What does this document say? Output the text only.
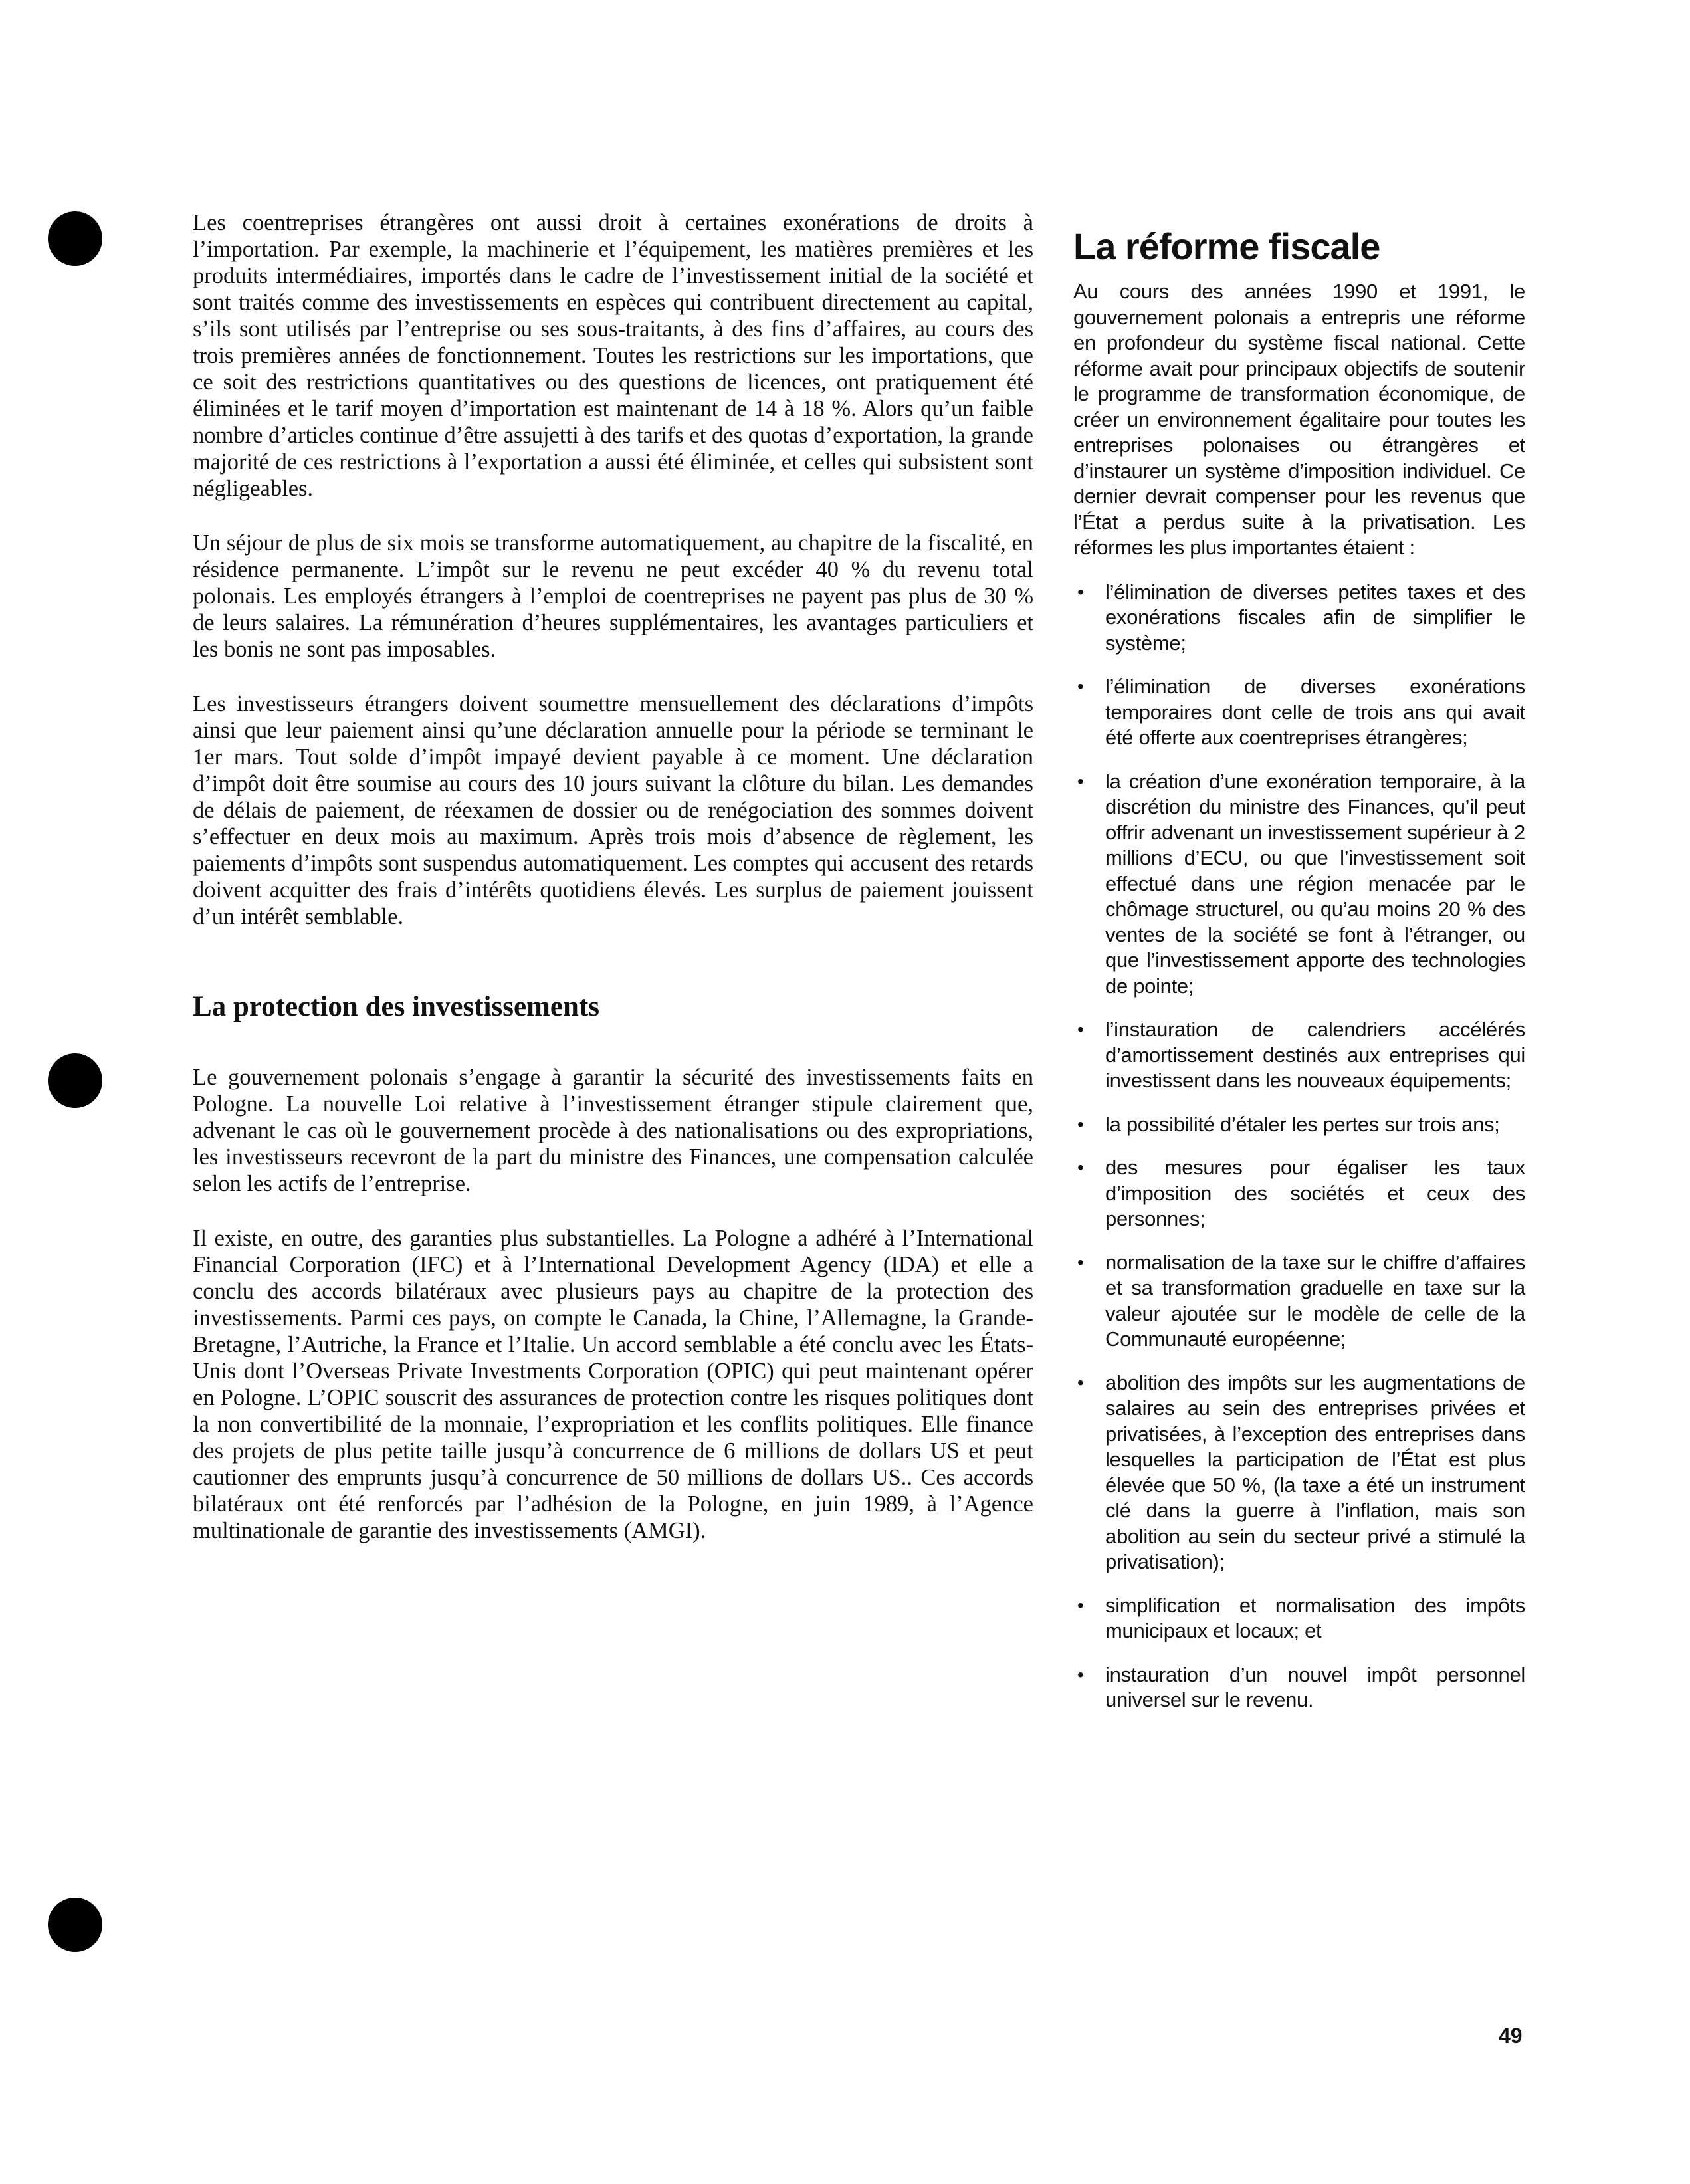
Les coentreprises étrangères ont aussi droit à certaines exonérations de droits à l’importation. Par exemple, la machinerie et l’équipement, les matières premières et les produits intermédiaires, importés dans le cadre de l’investissement initial de la société et sont traités comme des investissements en espèces qui contribuent directement au capital, s’ils sont utilisés par l’entreprise ou ses sous-traitants, à des fins d’affaires, au cours des trois premières années de fonctionnement. Toutes les restrictions sur les importations, que ce soit des restrictions quantitatives ou des questions de licences, ont pratiquement été éliminées et le tarif moyen d’importation est maintenant de 14 à 18 %. Alors qu’un faible nombre d’articles continue d’être assujetti à des tarifs et des quotas d’exportation, la grande majorité de ces restrictions à l’exportation a aussi été éliminée, et celles qui subsistent sont négligeables.

Un séjour de plus de six mois se transforme automatiquement, au chapitre de la fiscalité, en résidence permanente. L’impôt sur le revenu ne peut excéder 40 % du revenu total polonais. Les employés étrangers à l’emploi de coentreprises ne payent pas plus de 30 % de leurs salaires. La rémunération d’heures supplémentaires, les avantages particuliers et les bonis ne sont pas imposables.

Les investisseurs étrangers doivent soumettre mensuellement des déclarations d’impôts ainsi que leur paiement ainsi qu’une déclaration annuelle pour la période se terminant le 1er mars. Tout solde d’impôt impayé devient payable à ce moment. Une déclaration d’impôt doit être soumise au cours des 10 jours suivant la clôture du bilan. Les demandes de délais de paiement, de réexamen de dossier ou de renégociation des sommes doivent s’effectuer en deux mois au maximum. Après trois mois d’absence de règlement, les paiements d’impôts sont suspendus automatiquement. Les comptes qui accusent des retards doivent acquitter des frais d’intérêts quotidiens élevés. Les surplus de paiement jouissent d’un intérêt semblable.

La protection des investissements

Le gouvernement polonais s’engage à garantir la sécurité des investissements faits en Pologne. La nouvelle Loi relative à l’investissement étranger stipule clairement que, advenant le cas où le gouvernement procède à des nationalisations ou des expropriations, les investisseurs recevront de la part du ministre des Finances, une compensation calculée selon les actifs de l’entreprise.

Il existe, en outre, des garanties plus substantielles. La Pologne a adhéré à l’International Financial Corporation (IFC) et à l’International Development Agency (IDA) et elle a conclu des accords bilatéraux avec plusieurs pays au chapitre de la protection des investissements. Parmi ces pays, on compte le Canada, la Chine, l’Allemagne, la Grande-Bretagne, l’Autriche, la France et l’Italie. Un accord semblable a été conclu avec les États-Unis dont l’Overseas Private Investments Corporation (OPIC) qui peut maintenant opérer en Pologne. L’OPIC souscrit des assurances de protection contre les risques politiques dont la non convertibilité de la monnaie, l’expropriation et les conflits politiques. Elle finance des projets de plus petite taille jusqu’à concurrence de 6 millions de dollars US et peut cautionner des emprunts jusqu’à concurrence de 50 millions de dollars US.. Ces accords bilatéraux ont été renforcés par l’adhésion de la Pologne, en juin 1989, à l’Agence multinationale de garantie des investissements (AMGI).

La réforme fiscale

Au cours des années 1990 et 1991, le gouvernement polonais a entrepris une réforme en profondeur du système fiscal national. Cette réforme avait pour principaux objectifs de soutenir le programme de transformation économique, de créer un environnement égalitaire pour toutes les entreprises polonaises ou étrangères et d’instaurer un système d’imposition individuel. Ce dernier devrait compenser pour les revenus que l’État a perdus suite à la privatisation. Les réformes les plus importantes étaient :

• l’élimination de diverses petites taxes et des exonérations fiscales afin de simplifier le système;
• l’élimination de diverses exonérations temporaires dont celle de trois ans qui avait été offerte aux coentreprises étrangères;
• la création d’une exonération temporaire, à la discrétion du ministre des Finances, qu’il peut offrir advenant un investissement supérieur à 2 millions d’ECU, ou que l’investissement soit effectué dans une région menacée par le chômage structurel, ou qu’au moins 20 % des ventes de la société se font à l’étranger, ou que l’investissement apporte des technologies de pointe;
• l’instauration de calendriers accélérés d’amortissement destinés aux entreprises qui investissent dans les nouveaux équipements;
• la possibilité d’étaler les pertes sur trois ans;
• des mesures pour égaliser les taux d’imposition des sociétés et ceux des personnes;
• normalisation de la taxe sur le chiffre d’affaires et sa transformation graduelle en taxe sur la valeur ajoutée sur le modèle de celle de la Communauté européenne;
• abolition des impôts sur les augmentations de salaires au sein des entreprises privées et privatisées, à l’exception des entreprises dans lesquelles la participation de l’État est plus élevée que 50 %, (la taxe a été un instrument clé dans la guerre à l’inflation, mais son abolition au sein du secteur privé a stimulé la privatisation);
• simplification et normalisation des impôts municipaux et locaux; et
• instauration d’un nouvel impôt personnel universel sur le revenu.
49
